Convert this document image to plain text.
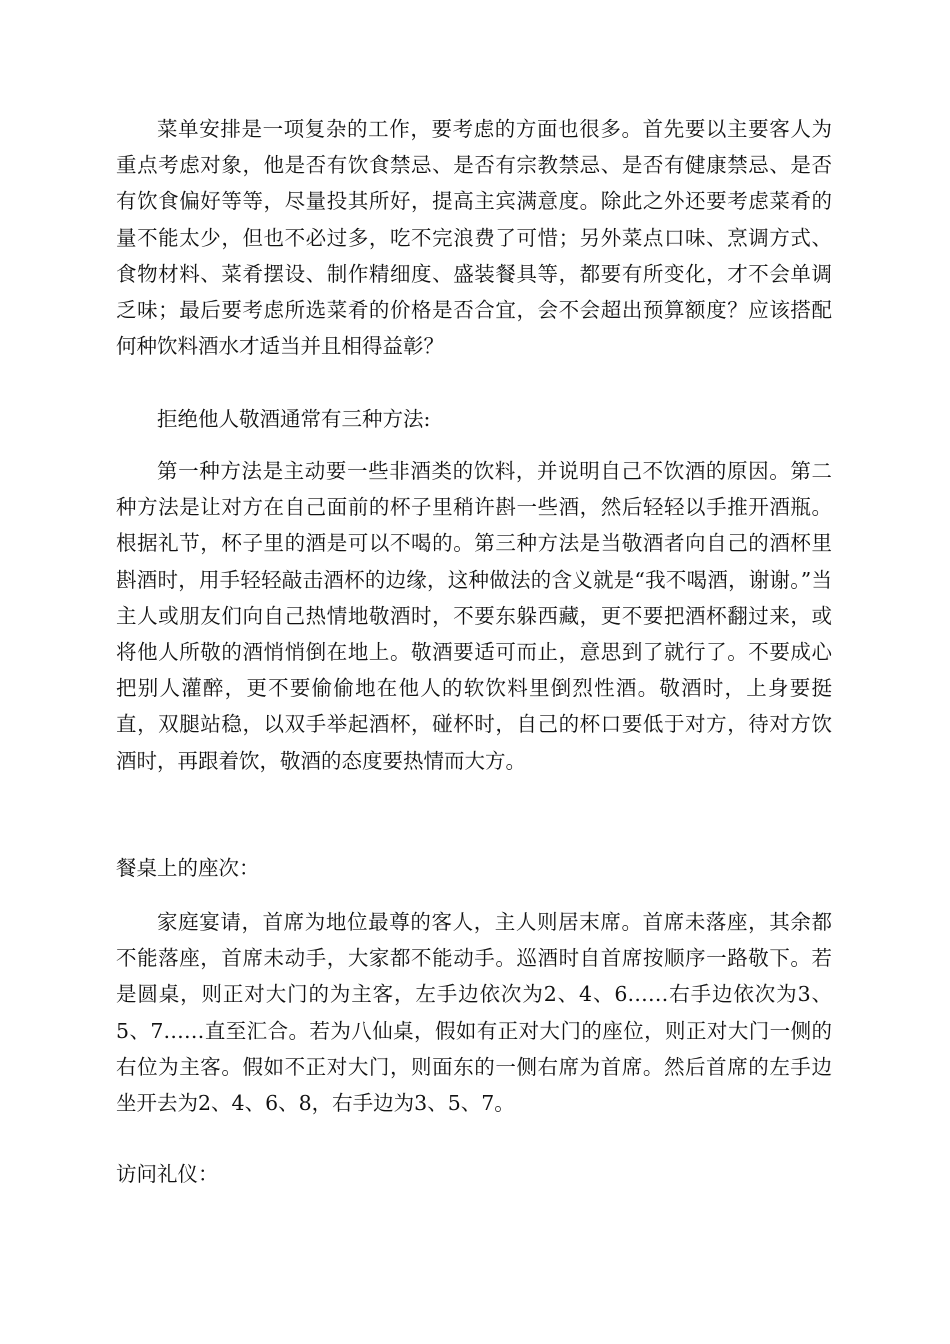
菜单安排是一项复杂的工作，要考虑的方面也很多。首先要以主要客人为重点考虑对象，他是否有饮食禁忌、是否有宗教禁忌、是否有健康禁忌、是否有饮食偏好等等，尽量投其所好，提高主宾满意度。除此之外还要考虑菜肴的量不能太少，但也不必过多，吃不完浪费了可惜；另外菜点口味、烹调方式、食物材料、菜肴摆设、制作精细度、盛装餐具等，都要有所变化，才不会单调乏味；最后要考虑所选菜肴的价格是否合宜，会不会超出预算额度？应该搭配何种饮料酒水才适当并且相得益彰？

拒绝他人敬酒通常有三种方法:

第一种方法是主动要一些非酒类的饮料，并说明自己不饮酒的原因。第二种方法是让对方在自己面前的杯子里稍许斟一些酒，然后轻轻以手推开酒瓶。根据礼节，杯子里的酒是可以不喝的。第三种方法是当敬酒者向自己的酒杯里斟酒时，用手轻轻敲击酒杯的边缘，这种做法的含义就是“我不喝酒，谢谢。”当主人或朋友们向自己热情地敬酒时，不要东躲西藏，更不要把酒杯翻过来，或将他人所敬的酒悄悄倒在地上。敬酒要适可而止，意思到了就行了。不要成心把别人灌醉，更不要偷偷地在他人的软饮料里倒烈性酒。敬酒时，上身要挺直，双腿站稳，以双手举起酒杯，碰杯时，自己的杯口要低于对方，待对方饮酒时，再跟着饮，敬酒的态度要热情而大方。

餐桌上的座次：

家庭宴请，首席为地位最尊的客人，主人则居末席。首席未落座，其余都不能落座，首席未动手，大家都不能动手。巡酒时自首席按顺序一路敬下。若是圆桌，则正对大门的为主客，左手边依次为2、4、6……右手边依次为3、5、7……直至汇合。若为八仙桌，假如有正对大门的座位，则正对大门一侧的右位为主客。假如不正对大门，则面东的一侧右席为首席。然后首席的左手边坐开去为2、4、6、8，右手边为3、5、7。

访问礼仪：
